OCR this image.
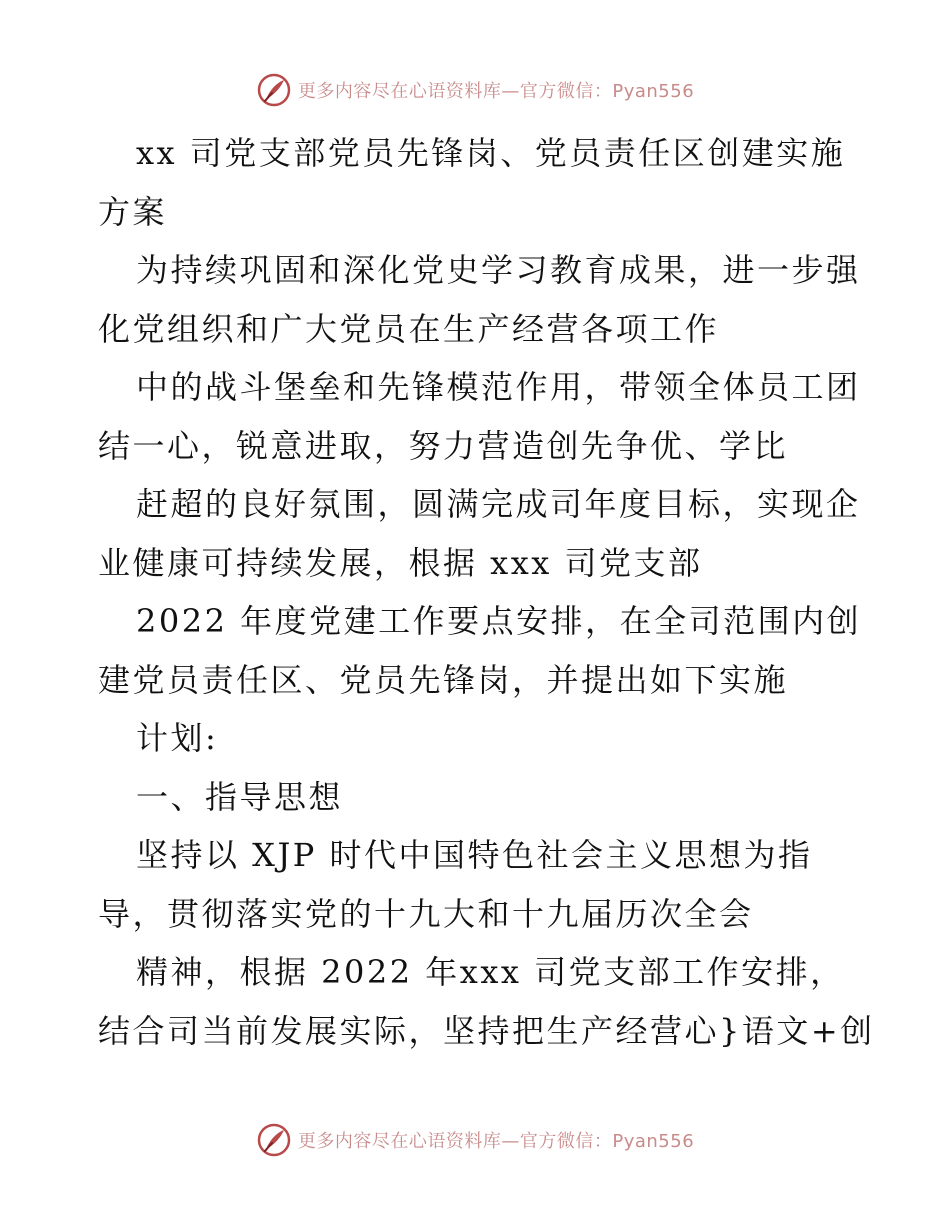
更多内容尽在心语资料库—官方微信：Pyan556
xx 司党支部党员先锋岗、党员责任区创建实施
方案
为持续巩固和深化党史学习教育成果，进一步强
化党组织和广大党员在生产经营各项工作
中的战斗堡垒和先锋模范作用，带领全体员工团
结一心，锐意进取，努力营造创先争优、学比
赶超的良好氛围，圆满完成司年度目标，实现企
业健康可持续发展，根据 xxx 司党支部
2022 年度党建工作要点安排，在全司范围内创
建党员责任区、党员先锋岗，并提出如下实施
计划:
一、指导思想
坚持以 XJP 时代中国特色社会主义思想为指
导，贯彻落实党的十九大和十九届历次全会
精神，根据 2022 年xxx 司党支部工作安排，
结合司当前发展实际，坚持把生产经营心}语文+创
更多内容尽在心语资料库—官方微信：Pyan556
